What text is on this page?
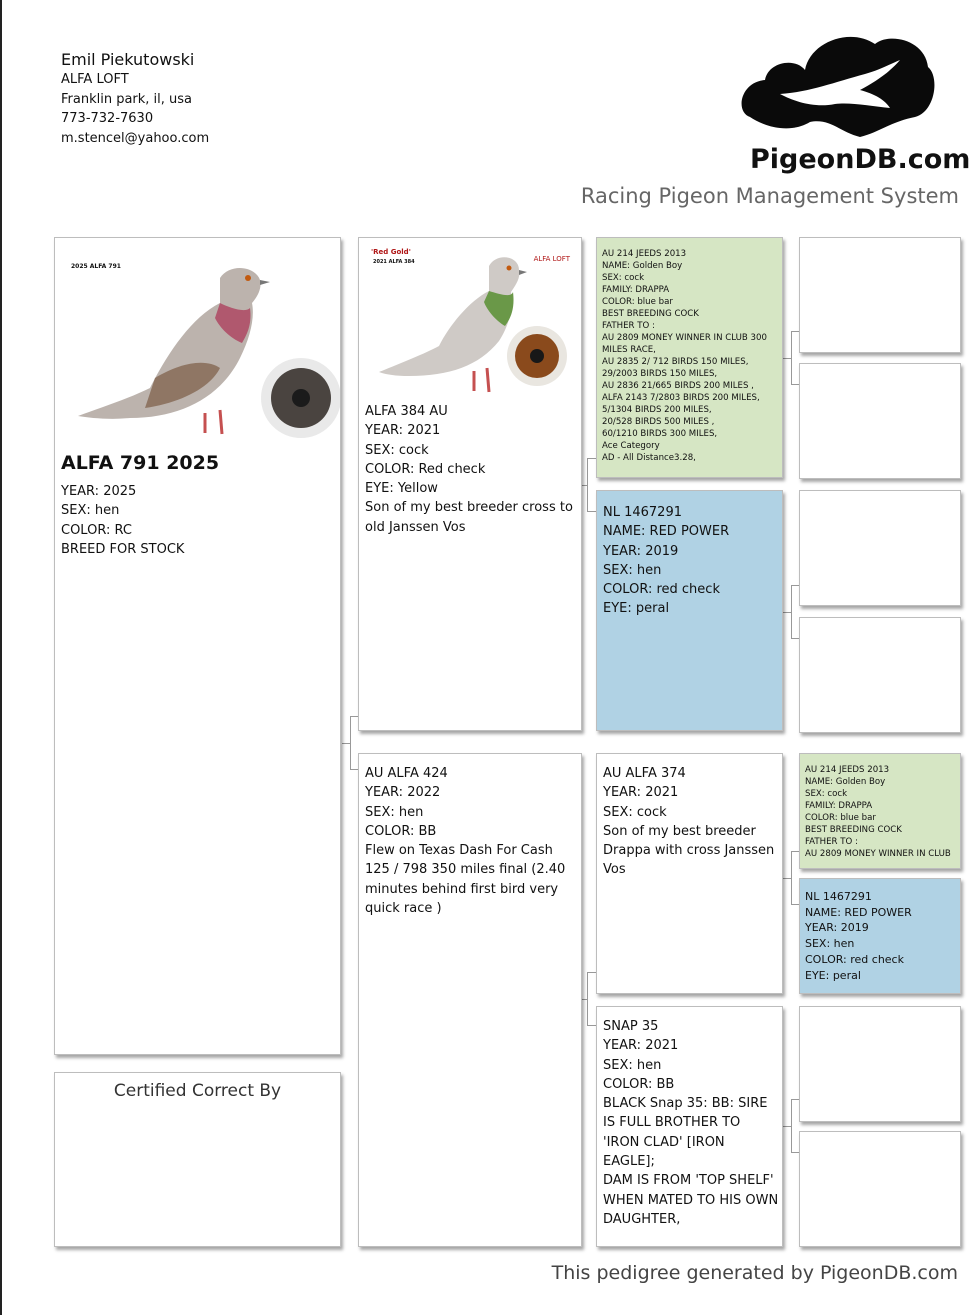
Emil Piekutowski
ALFA LOFT
Franklin park, il, usa
773-732-7630
m.stencel@yahoo.com
PigeonDB.com
Racing Pigeon Management System
2025 ALFA 791
ALFA 791 2025
YEAR: 2025
SEX: hen
COLOR: RC
BREED FOR STOCK
Certified Correct By
'Red Gold'
2021 ALFA 384	ALFA LOFT
ALFA 384 AU
YEAR: 2021
SEX: cock
COLOR: Red check
EYE: Yellow
Son of my best breeder cross to old Janssen Vos
AU ALFA 424
YEAR: 2022
SEX: hen
COLOR: BB
Flew on Texas Dash For Cash 125 / 798 350 miles final (2.40 minutes behind first bird very quick race )
AU 214 JEEDS 2013
NAME: Golden Boy
SEX: cock
FAMILY: DRAPPA
COLOR: blue bar
BEST BREEDING COCK
FATHER TO :
AU 2809 MONEY WINNER IN CLUB 300 MILES RACE,
AU 2835 2/ 712 BIRDS 150 MILES,
29/2003 BIRDS 150 MILES,
AU 2836 21/665 BIRDS 200 MILES ,
ALFA 2143 7/2803 BIRDS 200 MILES,
5/1304 BIRDS 200 MILES,
20/528 BIRDS 500 MILES ,
60/1210 BIRDS 300 MILES,
Ace Category
AD - All Distance3.28,
NL 1467291
NAME: RED POWER
YEAR: 2019
SEX: hen
COLOR: red check
EYE: peral
AU ALFA 374
YEAR: 2021
SEX: cock
Son of my best breeder Drappa with cross Janssen Vos
SNAP 35
YEAR: 2021
SEX: hen
COLOR: BB
BLACK Snap 35: BB: SIRE IS FULL BROTHER TO 'IRON CLAD' [IRON EAGLE];
DAM IS FROM 'TOP SHELF' WHEN MATED TO HIS OWN DAUGHTER,
AU 214 JEEDS 2013
NAME: Golden Boy
SEX: cock
FAMILY: DRAPPA
COLOR: blue bar
BEST BREEDING COCK
FATHER TO :
AU 2809 MONEY WINNER IN CLUB
NL 1467291
NAME: RED POWER
YEAR: 2019
SEX: hen
COLOR: red check
EYE: peral
This pedigree generated by PigeonDB.com
